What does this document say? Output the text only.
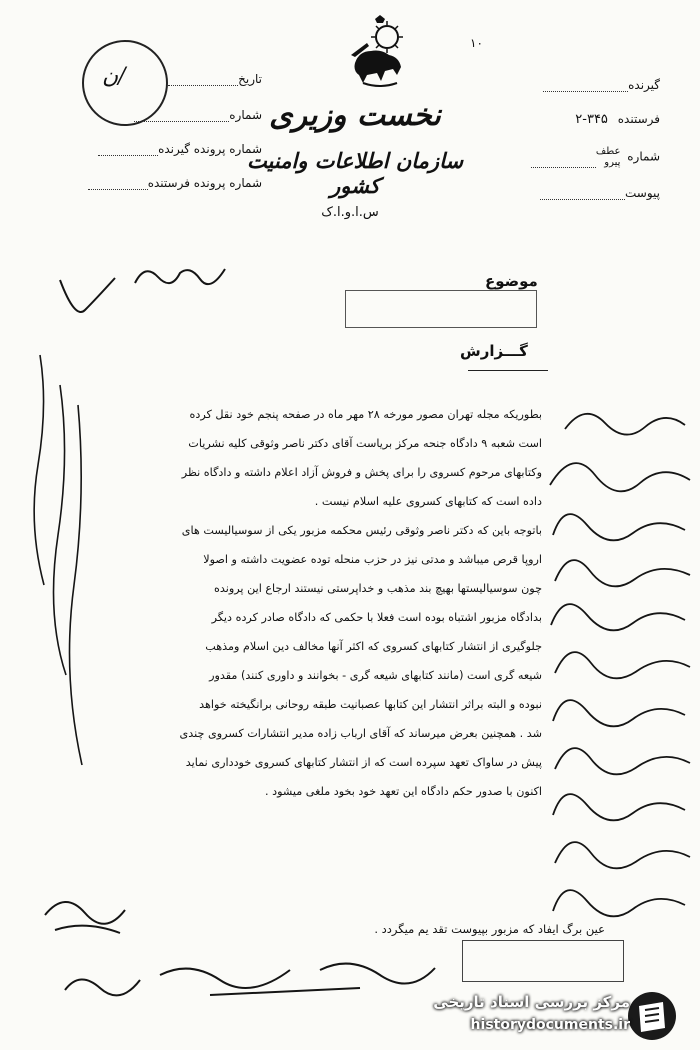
۱۰
نخست وزیری
سازمان اطلاعات وامنیت کشور
س.ا.و.ا.ک
گیرنده
فرستنده ۳۴۵-۲
شماره عطف
پیرو
پیوست
تاریخ
شماره
شماره پرونده گیرنده
شماره پرونده فرستنده
ن/
موضوع
گـــزارش

بطوریکه مجله تهران مصور مورخه ۲۸ مهر ماه در صفحه پنجم خود نقل کرده

است شعبه ۹ دادگاه جنحه مرکز بریاست آقای دکتر ناصر وثوقی کلیه نشریات

وکتابهای مرحوم کسروی را برای پخش و فروش آزاد اعلام داشته و دادگاه نظر

داده است که کتابهای کسروی علیه اسلام نیست .

باتوجه باین که دکتر ناصر وثوقی رئیس محکمه مزبور یکی از سوسیالیست های

اروپا قرص میباشد و مدتی نیز در حزب منحله توده عضویت داشته و اصولا

چون سوسیالیستها بهیچ بند مذهب و خداپرستی نیستند ارجاع این پرونده

بدادگاه مزبور اشتباه بوده است فعلا با حکمی که دادگاه صادر کرده دیگر

جلوگیری از انتشار کتابهای کسروی که اکثر آنها مخالف دین اسلام ومذهب

شیعه گری است (مانند کتابهای شیعه گری - بخوانند و داوری کنند) مقدور

نبوده و البته براثر انتشار این کتابها عصبانیت طبقه روحانی برانگیخته خواهد

شد . همچنین بعرض میرساند که آقای ارباب زاده مدیر انتشارات کسروی چندی

پیش در ساواک تعهد سپرده است که از انتشار کتابهای کسروی خودداری نماید

اکنون با صدور حکم دادگاه این تعهد خود بخود ملغی میشود .

عین برگ ایفاد که مزبور بپیوست تقد یم میگردد .
مرکز بررسی اسناد تاریخی
historydocuments.ir
